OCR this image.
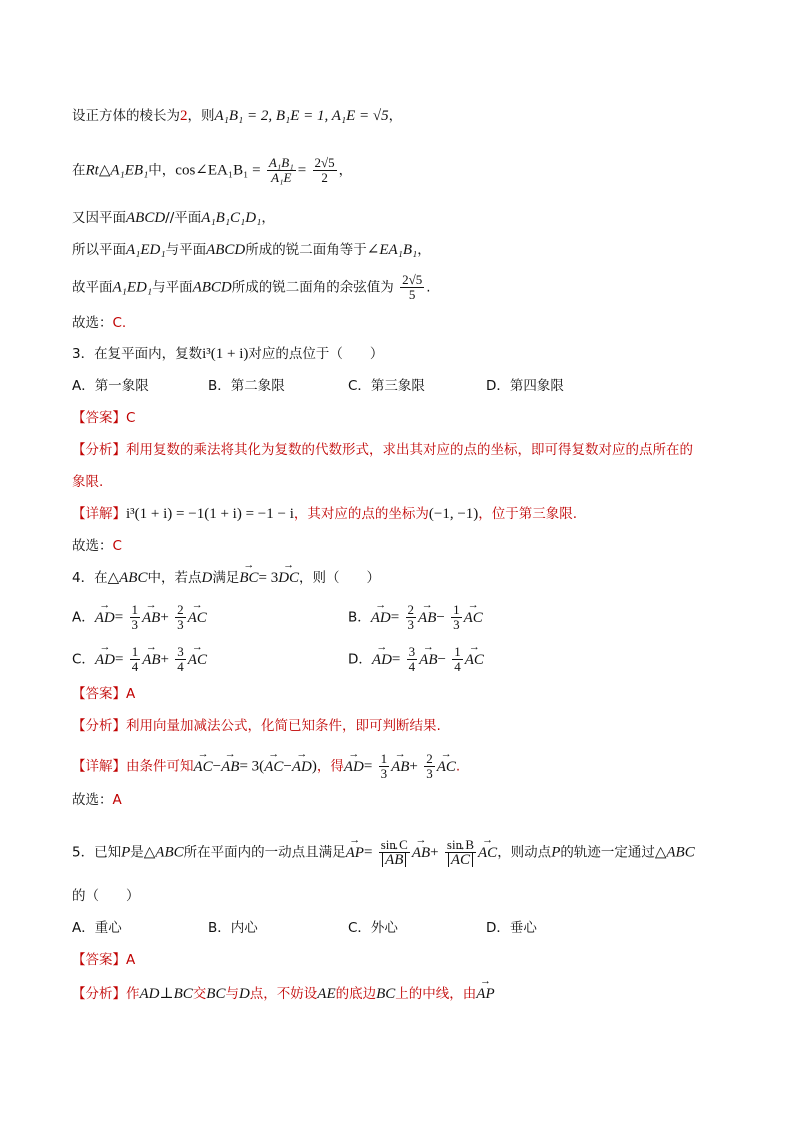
设正方体的棱长为2，则A₁B₁ = 2, B₁E = 1, A₁E = √5，
在Rt△A₁EB₁中，cos∠EA₁B₁ = $\frac{\text{A₁B₁}}{\text{A₁E}} = \frac{2√5}{2}$ ，
又因平面ABCD//平面A₁B₁C₁D₁，
所以平面A₁ED₁与平面ABCD所成的锐二面角等于∠EA₁B₁，
故平面A₁ED₁与平面ABCD所成的锐二面角的余弦值为 $\frac{2√5}{5}$ .
故选：C.
3．在复平面内，复数i³(1 + i)对应的点位于（　　）
A．第一象限	B．第二象限	C．第三象限	D．第四象限
【答案】C
【分析】利用复数的乘法将其化为复数的代数形式，求出其对应的点的坐标，即可得复数对应的点所在的
象限.
【详解】i³(1 + i) = −1(1 + i) = −1 − i，其对应的点的坐标为(−1, −1)，位于第三象限.
故选：C
4．在△ABC中，若点D满足→ BC= 3→ DC，则（　　）
A．→ $AD= \frac{1}{3}$
→ $AB+ \frac{2}{3}$
→ AC	B．→ $AD= \frac{2}{3}$
→ $AB- \frac{1}{3}$
→ AC
C．→ $AD= \frac{1}{4}$
→ $AB+ \frac{3}{4}$
→ AC	D．→ $AD= \frac{3}{4}$
→ $AB- \frac{1}{4}$
→ AC
【答案】A
【分析】利用向量加减法公式，化简已知条件，即可判断结果.
【详解】由条件可知→ AC−→ AB= 3(→ AC−→ AD)，得→ $AD= \frac{1}{3}$
→ $AB+ \frac{2}{3}$
→ AC.
故选：A
5．已知P是△ABC所在平面内的一动点且满足→ AP= sin C
→ AB
→ AB+ sin B
→ AC
→ AC，则动点P的轨迹一定通过△ABC
的（　　）
A．重心	B．内心	C．外心	D．垂心
【答案】A
【分析】作AD⊥BC交BC与D点，不妨设AE的底边BC上的中线，由→ AP
